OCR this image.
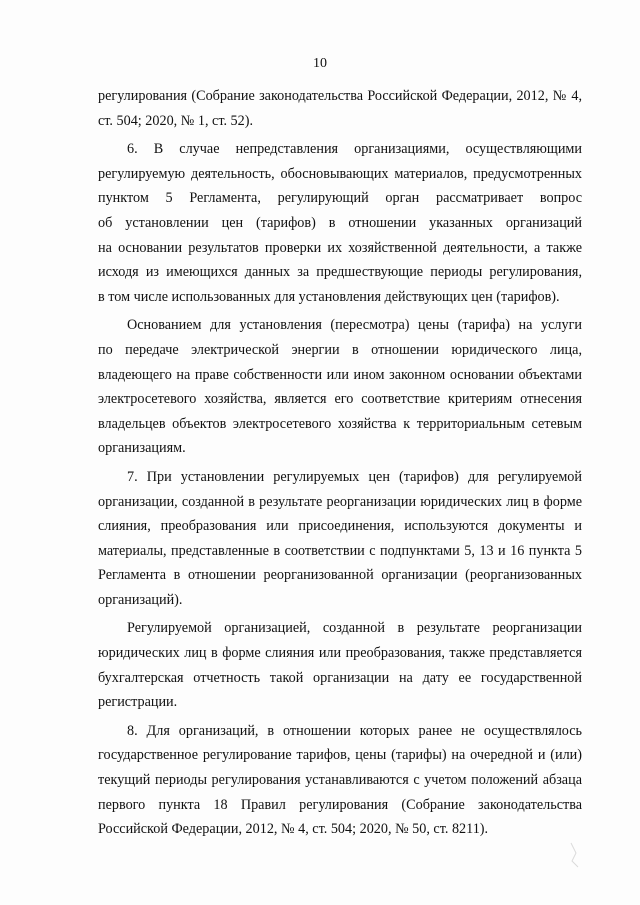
10
регулирования (Собрание законодательства Российской Федерации, 2012, № 4,
ст. 504; 2020, № 1, ст. 52).
6. В случае непредставления организациями, осуществляющими
регулируемую деятельность, обосновывающих материалов, предусмотренных
пунктом 5 Регламента, регулирующий орган рассматривает вопрос
об установлении цен (тарифов) в отношении указанных организаций
на основании результатов проверки их хозяйственной деятельности, а также
исходя из имеющихся данных за предшествующие периоды регулирования,
в том числе использованных для установления действующих цен (тарифов).
Основанием для установления (пересмотра) цены (тарифа) на услуги
по передаче электрической энергии в отношении юридического лица,
владеющего на праве собственности или ином законном основании объектами
электросетевого хозяйства, является его соответствие критериям отнесения
владельцев объектов электросетевого хозяйства к территориальным сетевым
организациям.
7. При установлении регулируемых цен (тарифов) для регулируемой
организации, созданной в результате реорганизации юридических лиц в форме
слияния, преобразования или присоединения, используются документы и
материалы, представленные в соответствии с подпунктами 5, 13 и 16 пункта 5
Регламента в отношении реорганизованной организации (реорганизованных
организаций).
Регулируемой организацией, созданной в результате реорганизации
юридических лиц в форме слияния или преобразования, также представляется
бухгалтерская отчетность такой организации на дату ее государственной
регистрации.
8. Для организаций, в отношении которых ранее не осуществлялось
государственное регулирование тарифов, цены (тарифы) на очередной и (или)
текущий периоды регулирования устанавливаются с учетом положений абзаца
первого пункта 18 Правил регулирования (Собрание законодательства
Российской Федерации, 2012, № 4, ст. 504; 2020, № 50, ст. 8211).
